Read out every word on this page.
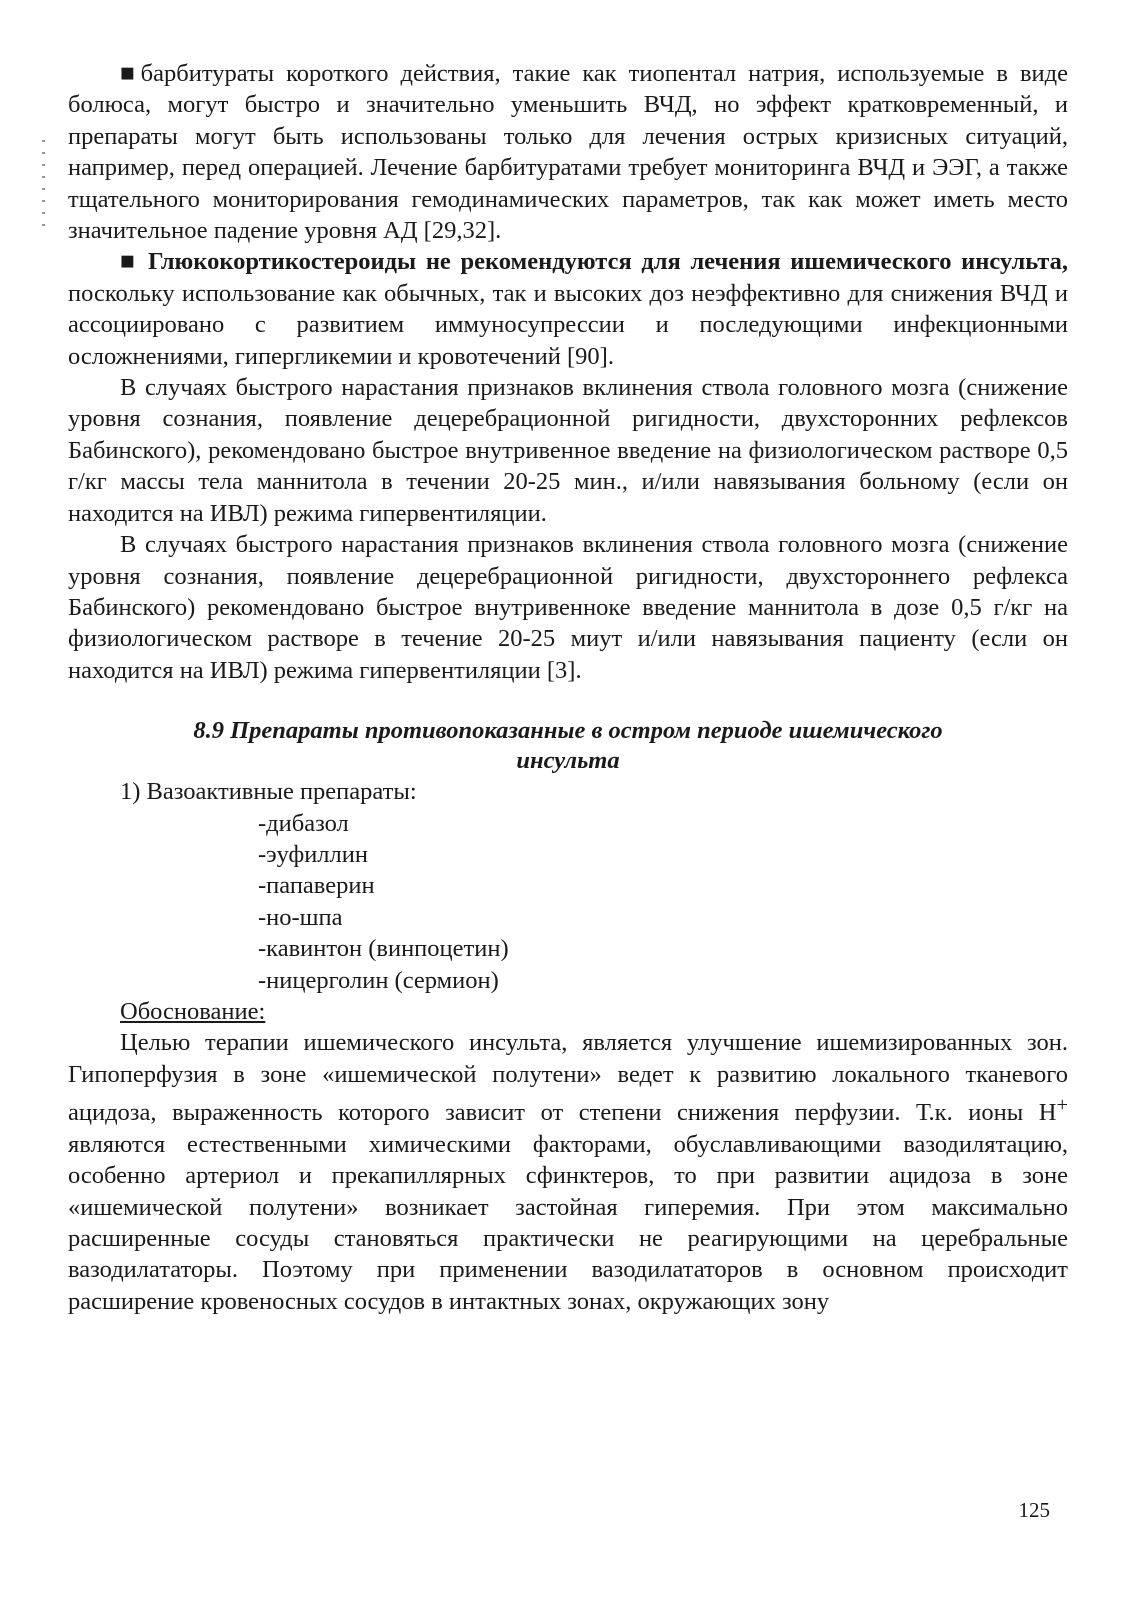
■барбитураты короткого действия, такие как тиопентал натрия, используемые в виде болюса, могут быстро и значительно уменьшить ВЧД, но эффект кратковременный, и препараты могут быть использованы только для лечения острых кризисных ситуаций, например, перед операцией. Лечение барбитуратами требует мониторинга ВЧД и ЭЭГ, а также тщательного мониторирования гемодинамических параметров, так как может иметь место значительное падение уровня АД [29,32].

■ Глюкокортикостероиды не рекомендуются для лечения ишемического инсульта, поскольку использование как обычных, так и высоких доз неэффективно для снижения ВЧД и ассоциировано с развитием иммуносупрессии и последующими инфекционными осложнениями, гипергликемии и кровотечений [90].

В случаях быстрого нарастания признаков вклинения ствола головного мозга (снижение уровня сознания, появление децеребрационной ригидности, двухсторонних рефлексов Бабинского), рекомендовано быстрое внутривенное введение на физиологическом растворе 0,5 г/кг массы тела маннитола в течении 20-25 мин., и/или навязывания больному (если он находится на ИВЛ) режима гипервентиляции.

В случаях быстрого нарастания признаков вклинения ствола головного мозга (снижение уровня сознания, появление децеребрационной ригидности, двухстороннего рефлекса Бабинского) рекомендовано быстрое внутривенноке введение маннитола в дозе 0,5 г/кг на физиологическом растворе в течение 20-25 миут и/или навязывания пациенту (если он находится на ИВЛ) режима гипервентиляции [3].

8.9 Препараты противопоказанные в остром периоде ишемического инсульта
1) Вазоактивные препараты:
-дибазол
-эуфиллин
-папаверин
-но-шпа
-кавинтон (винпоцетин)
-ницерголин (сермион)
Обоснование:

Целью терапии ишемического инсульта, является улучшение ишемизированных зон. Гипоперфузия в зоне «ишемической полутени» ведет к развитию локального тканевого ацидоза, выраженность которого зависит от степени снижения перфузии. Т.к. ионы Н+ являются естественными химическими факторами, обуславливающими вазодилятацию, особенно артериол и прекапиллярных сфинктеров, то при развитии ацидоза в зоне «ишемической полутени» возникает застойная гиперемия. При этом максимально расширенные сосуды становяться практически не реагирующими на церебральные вазодилататоры. Поэтому при применении вазодилататоров в основном происходит расширение кровеносных сосудов в интактных зонах, окружающих зону

125
